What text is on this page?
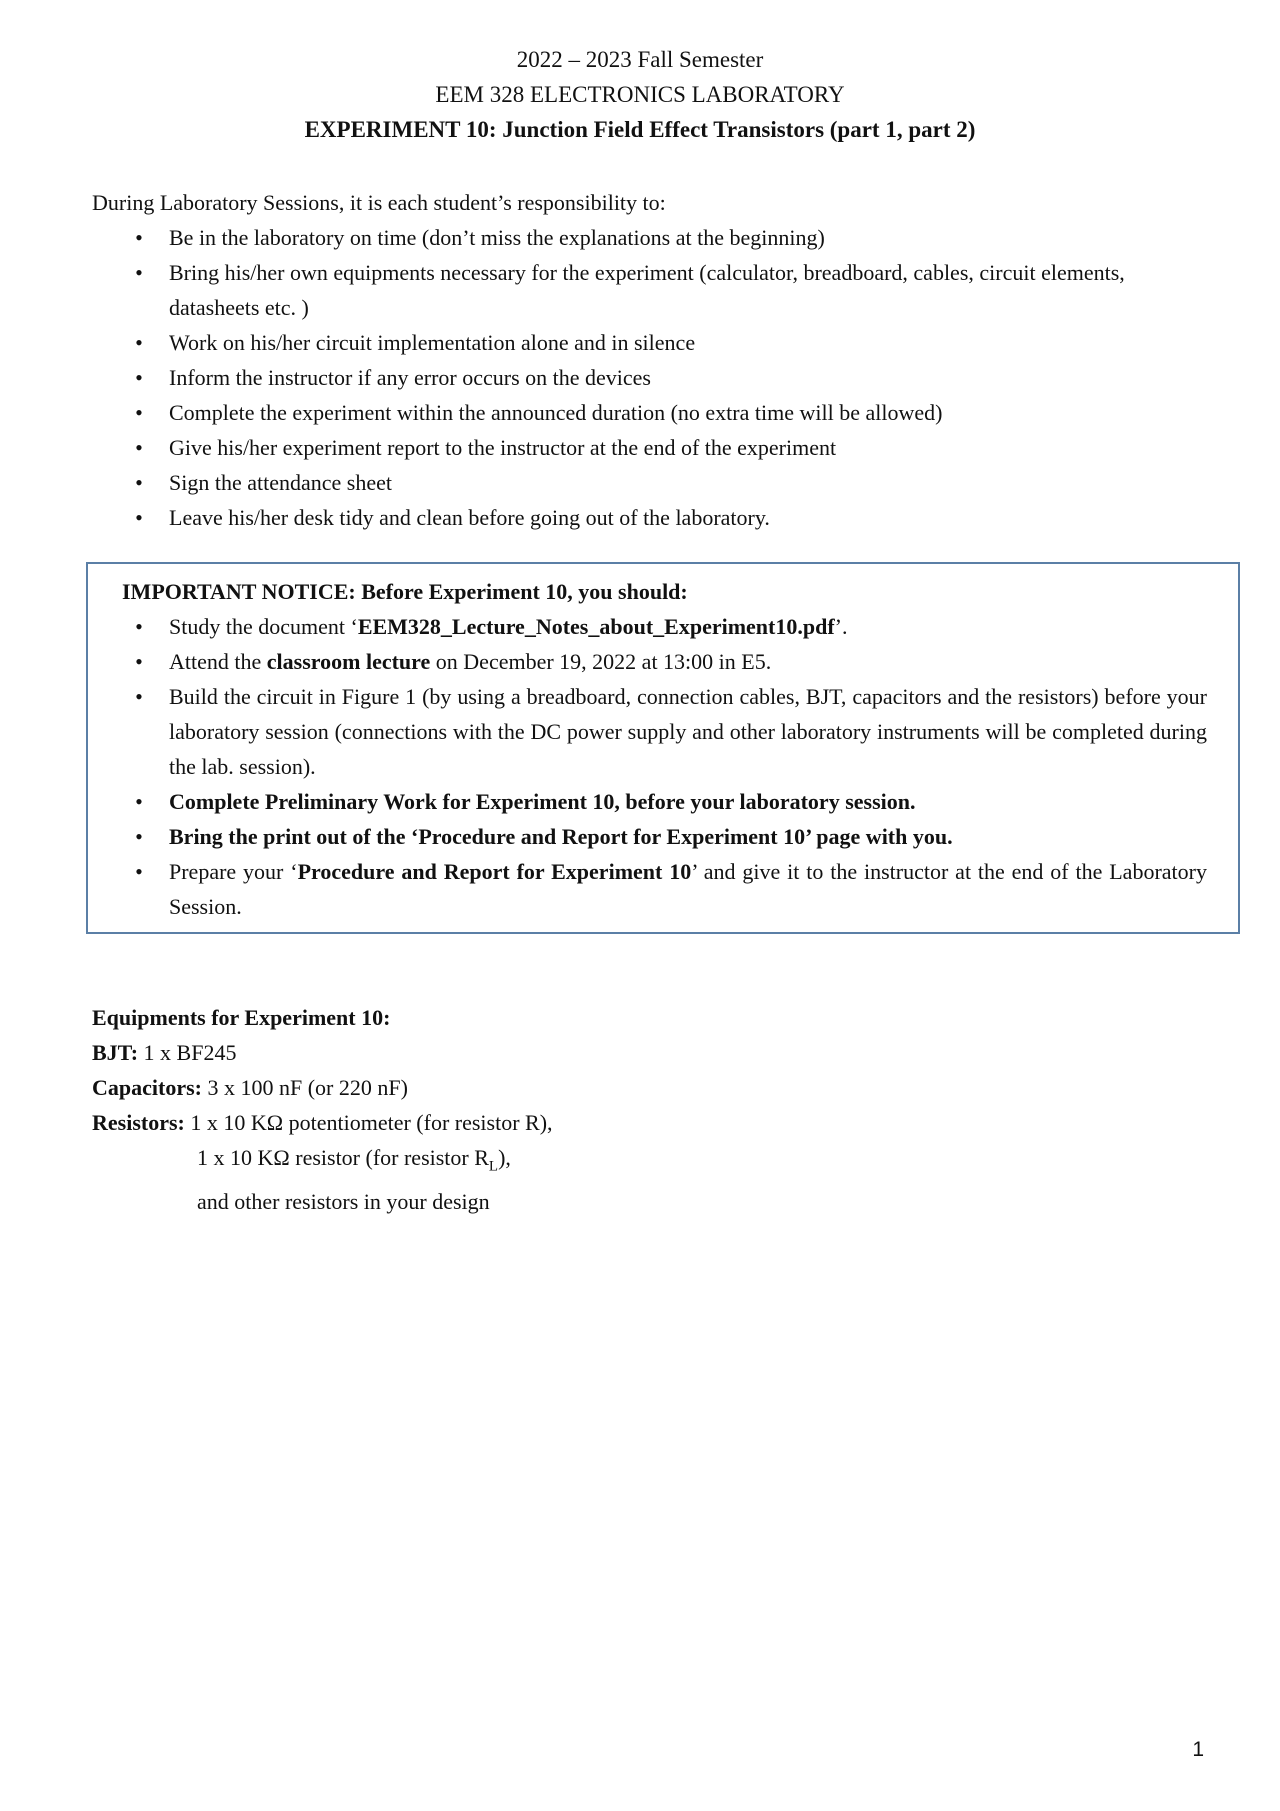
2022 – 2023 Fall Semester
EEM 328 ELECTRONICS LABORATORY
EXPERIMENT 10: Junction Field Effect Transistors (part 1, part 2)
During Laboratory Sessions, it is each student’s responsibility to:
• Be in the laboratory on time (don’t miss the explanations at the beginning)
• Bring his/her own equipments necessary for the experiment (calculator, breadboard, cables, circuit elements, datasheets etc. )
• Work on his/her circuit implementation alone and in silence
• Inform the instructor if any error occurs on the devices
• Complete the experiment within the announced duration (no extra time will be allowed)
• Give his/her experiment report to the instructor at the end of the experiment
• Sign the attendance sheet
• Leave his/her desk tidy and clean before going out of the laboratory.
IMPORTANT NOTICE: Before Experiment 10, you should:
• Study the document ‘EEM328_Lecture_Notes_about_Experiment10.pdf’.
• Attend the classroom lecture on December 19, 2022 at 13:00 in E5.
• Build the circuit in Figure 1 (by using a breadboard, connection cables, BJT, capacitors and the resistors) before your laboratory session (connections with the DC power supply and other laboratory instruments will be completed during the lab. session).
• Complete Preliminary Work for Experiment 10, before your laboratory session.
• Bring the print out of the ‘Procedure and Report for Experiment 10’ page with you.
• Prepare your ‘Procedure and Report for Experiment 10’ and give it to the instructor at the end of the Laboratory Session.
Equipments for Experiment 10:
BJT: 1 x BF245
Capacitors: 3 x 100 nF (or 220 nF)
Resistors: 1 x 10 KΩ potentiometer (for resistor R),
1 x 10 KΩ resistor (for resistor $R_L$),
and other resistors in your design
1
